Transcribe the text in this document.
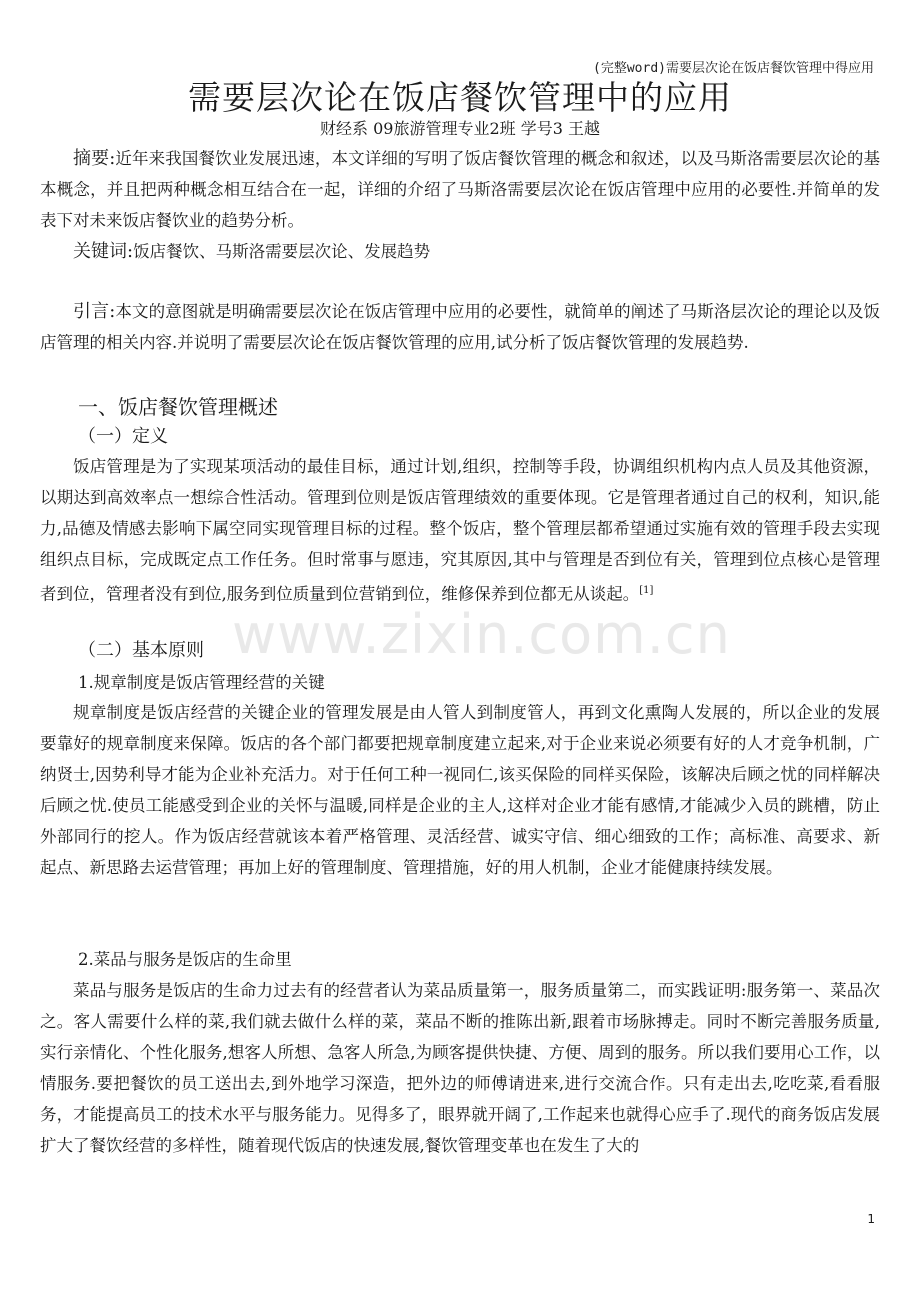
(完整word)需要层次论在饭店餐饮管理中得应用
需要层次论在饭店餐饮管理中的应用
财经系 09旅游管理专业2班 学号3 王越

摘要:近年来我国餐饮业发展迅速，本文详细的写明了饭店餐饮管理的概念和叙述，以及马斯洛需要层次论的基本概念，并且把两种概念相互结合在一起，详细的介绍了马斯洛需要层次论在饭店管理中应用的必要性.并简单的发表下对未来饭店餐饮业的趋势分析。

关键词:饭店餐饮、马斯洛需要层次论、发展趋势

引言:本文的意图就是明确需要层次论在饭店管理中应用的必要性，就简单的阐述了马斯洛层次论的理论以及饭店管理的相关内容.并说明了需要层次论在饭店餐饮管理的应用,试分析了饭店餐饮管理的发展趋势.

一、饭店餐饮管理概述
（一）定义

饭店管理是为了实现某项活动的最佳目标，通过计划,组织，控制等手段，协调组织机构内点人员及其他资源，以期达到高效率点一想综合性活动。管理到位则是饭店管理绩效的重要体现。它是管理者通过自己的权利，知识,能力,品德及情感去影响下属空同实现管理目标的过程。整个饭店，整个管理层都希望通过实施有效的管理手段去实现组织点目标，完成既定点工作任务。但时常事与愿违，究其原因,其中与管理是否到位有关，管理到位点核心是管理者到位，管理者没有到位,服务到位质量到位营销到位，维修保养到位都无从谈起。[1]

（二）基本原则
1.规章制度是饭店管理经营的关键

规章制度是饭店经营的关键企业的管理发展是由人管人到制度管人，再到文化熏陶人发展的，所以企业的发展要靠好的规章制度来保障。饭店的各个部门都要把规章制度建立起来,对于企业来说必须要有好的人才竞争机制，广纳贤士,因势利导才能为企业补充活力。对于任何工种一视同仁,该买保险的同样买保险，该解决后顾之忧的同样解决后顾之忧.使员工能感受到企业的关怀与温暖,同样是企业的主人,这样对企业才能有感情,才能减少入员的跳槽，防止外部同行的挖人。作为饭店经营就该本着严格管理、灵活经营、诚实守信、细心细致的工作；高标准、高要求、新起点、新思路去运营管理；再加上好的管理制度、管理措施，好的用人机制，企业才能健康持续发展。

2.菜品与服务是饭店的生命里

菜品与服务是饭店的生命力过去有的经营者认为菜品质量第一，服务质量第二，而实践证明:服务第一、菜品次之。客人需要什么样的菜,我们就去做什么样的菜，菜品不断的推陈出新,跟着市场脉搏走。同时不断完善服务质量,实行亲情化、个性化服务,想客人所想、急客人所急,为顾客提供快捷、方便、周到的服务。所以我们要用心工作，以情服务.要把餐饮的员工送出去,到外地学习深造，把外边的师傅请进来,进行交流合作。只有走出去,吃吃菜,看看服务，才能提高员工的技术水平与服务能力。见得多了，眼界就开阔了,工作起来也就得心应手了.现代的商务饭店发展扩大了餐饮经营的多样性，随着现代饭店的快速发展,餐饮管理变革也在发生了大的

www.zixin.com.cn
1
